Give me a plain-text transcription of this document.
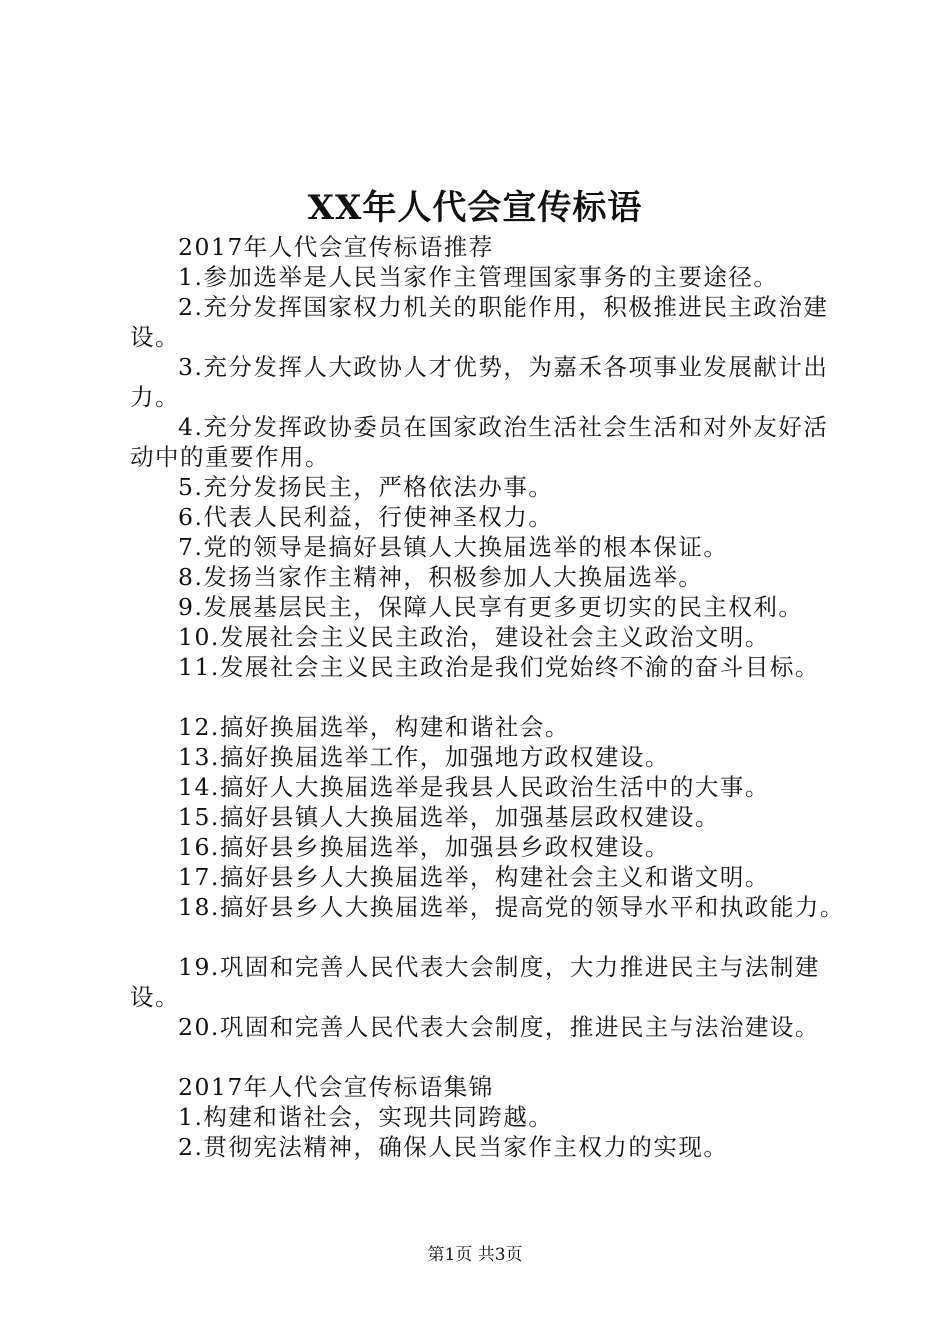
XX年人代会宣传标语

2017年人代会宣传标语推荐

1.参加选举是人民当家作主管理国家事务的主要途径。

2.充分发挥国家权力机关的职能作用，积极推进民主政治建设。

3.充分发挥人大政协人才优势，为嘉禾各项事业发展献计出力。

4.充分发挥政协委员在国家政治生活社会生活和对外友好活动中的重要作用。

5.充分发扬民主，严格依法办事。

6.代表人民利益，行使神圣权力。

7.党的领导是搞好县镇人大换届选举的根本保证。

8.发扬当家作主精神，积极参加人大换届选举。

9.发展基层民主，保障人民享有更多更切实的民主权利。

10.发展社会主义民主政治，建设社会主义政治文明。

11.发展社会主义民主政治是我们党始终不渝的奋斗目标。

12.搞好换届选举，构建和谐社会。

13.搞好换届选举工作，加强地方政权建设。

14.搞好人大换届选举是我县人民政治生活中的大事。

15.搞好县镇人大换届选举，加强基层政权建设。

16.搞好县乡换届选举，加强县乡政权建设。

17.搞好县乡人大换届选举，构建社会主义和谐文明。

18.搞好县乡人大换届选举，提高党的领导水平和执政能力。

19.巩固和完善人民代表大会制度，大力推进民主与法制建设。

20.巩固和完善人民代表大会制度，推进民主与法治建设。

2017年人代会宣传标语集锦

1.构建和谐社会，实现共同跨越。

2.贯彻宪法精神，确保人民当家作主权力的实现。

第1页 共3页
